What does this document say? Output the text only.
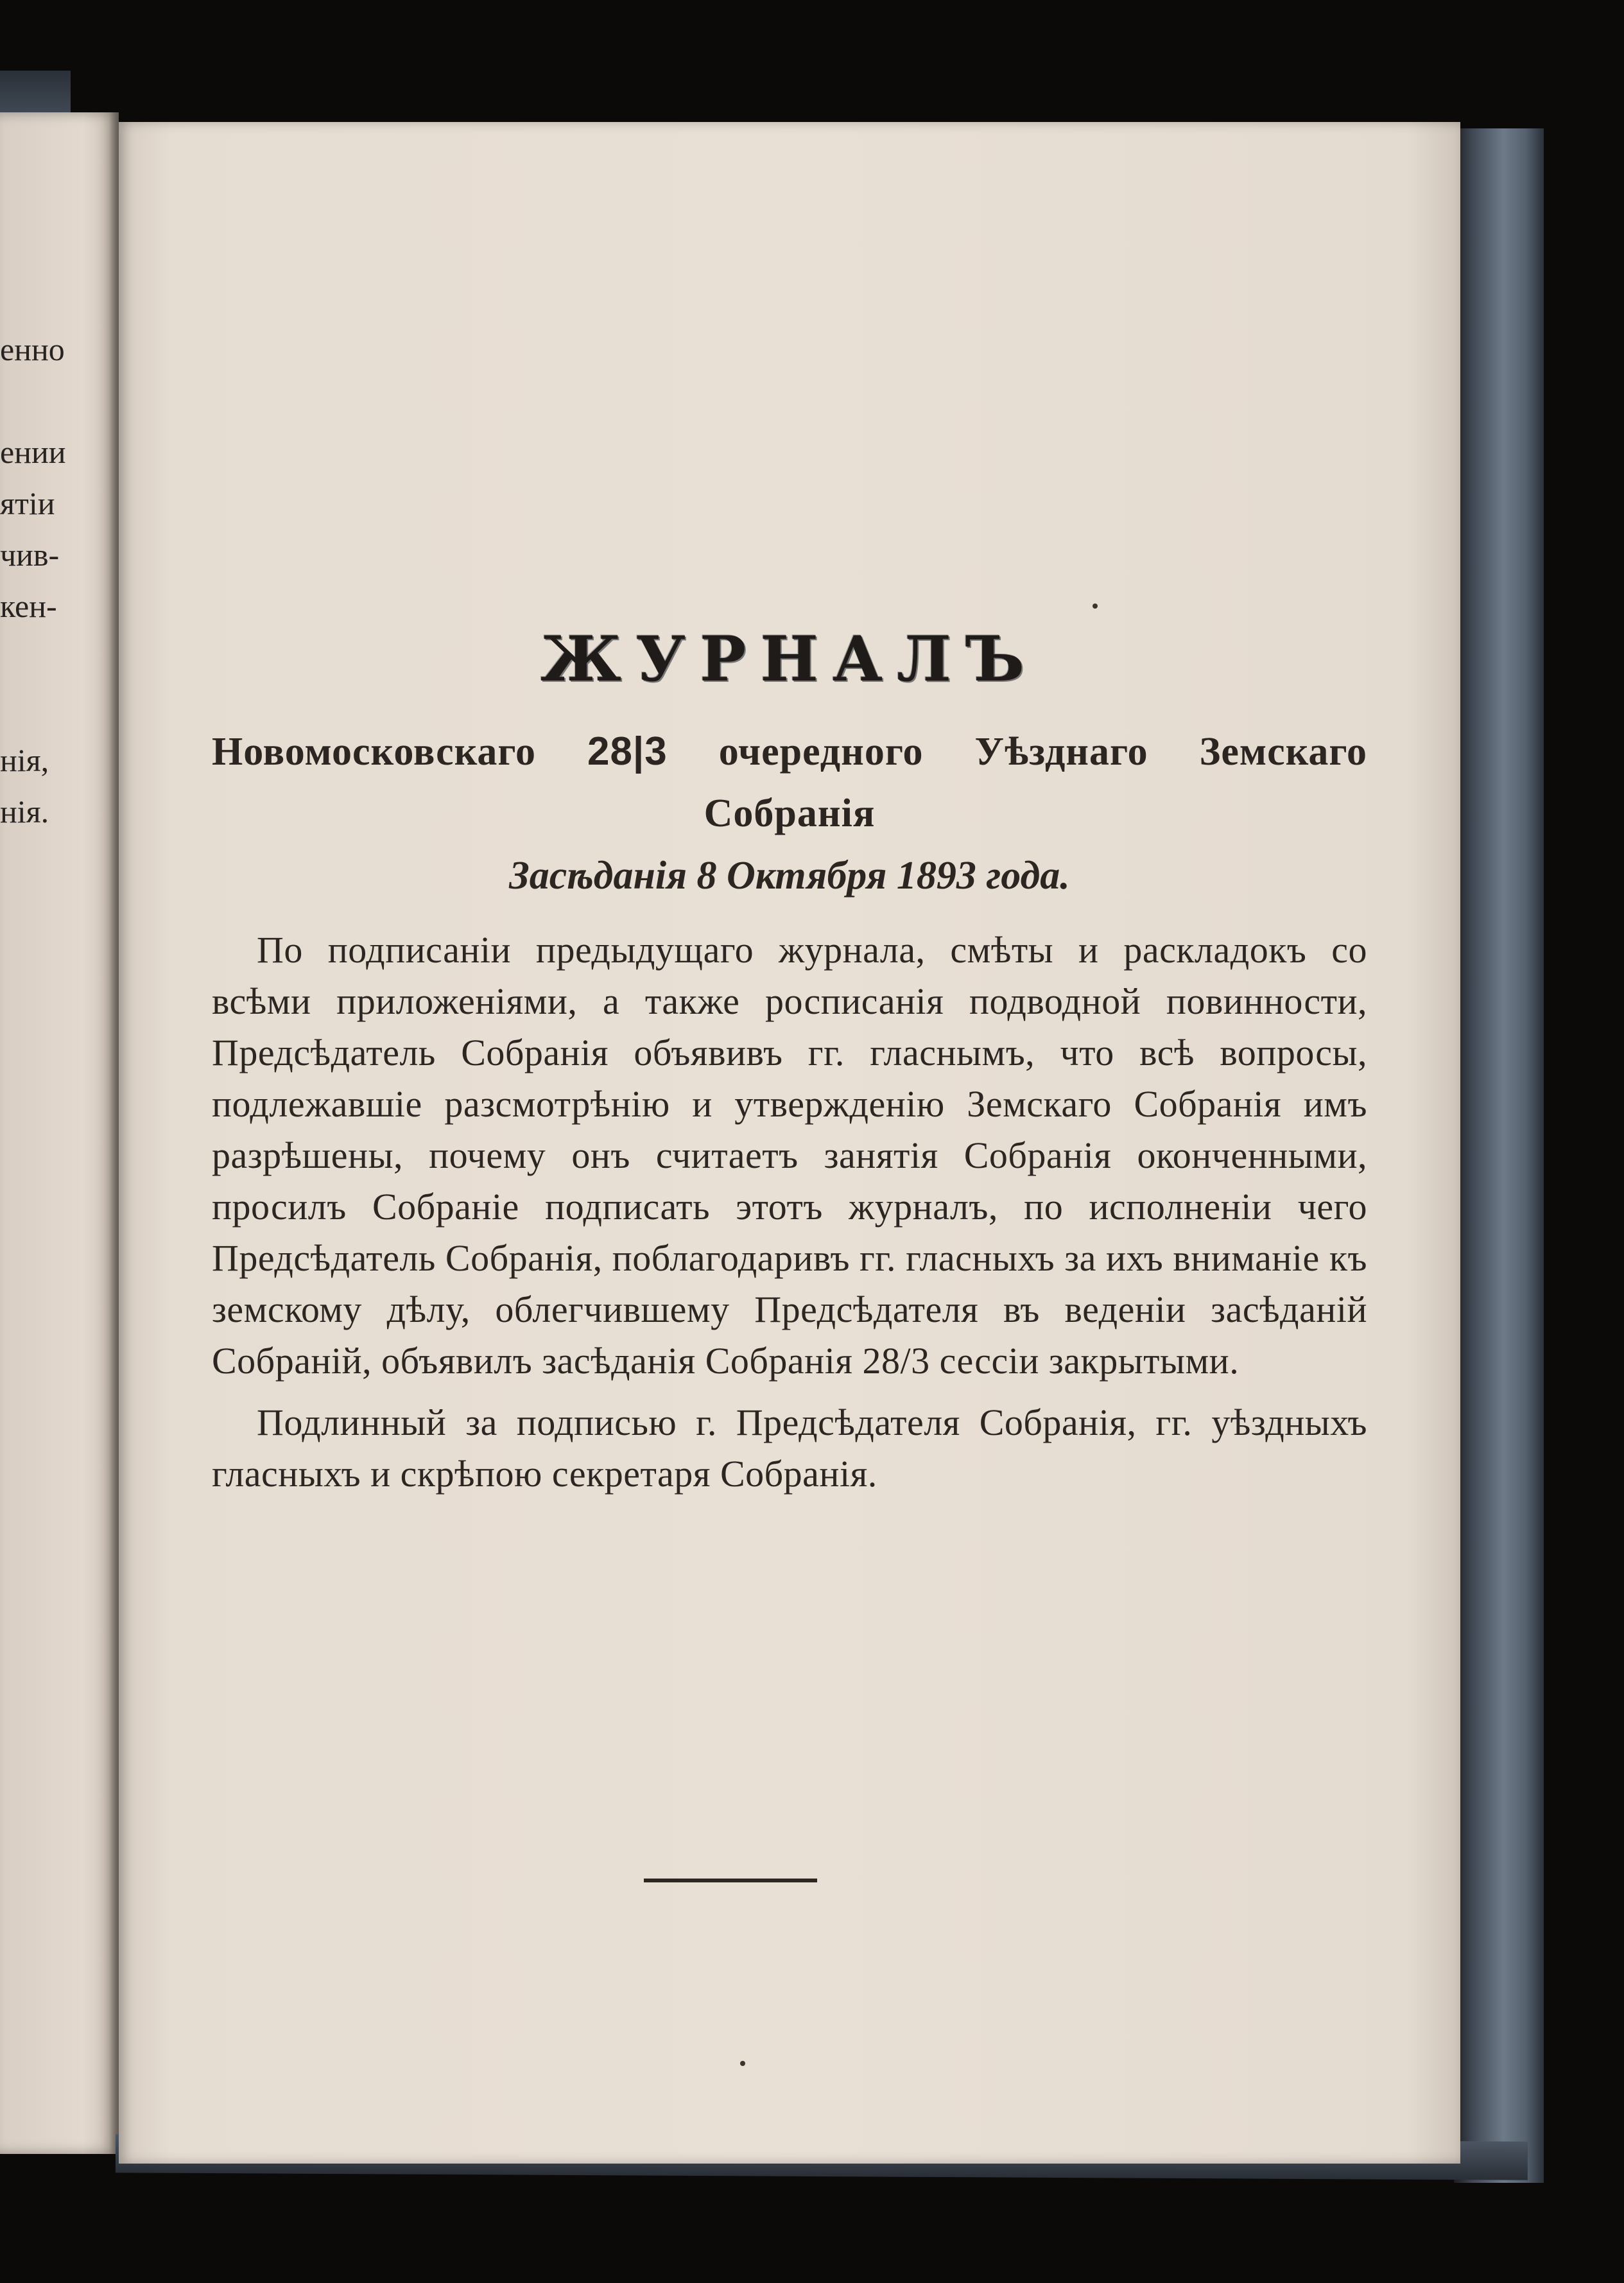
енно
ении
ятіи
чив-
кен-
нія,
нія.
ЖУРНАЛЪ
Новомосковскаго 28|3 очередного Уѣзднаго Земскаго Собранія
Засѣданія 8 Октября 1893 года.

По подписаніи предыдущаго журнала, смѣты и раскладокъ со всѣми приложеніями, а также росписанія подводной повинности, Предсѣдатель Собранія объявивъ гг. гласнымъ, что всѣ вопросы, подлежавшіе разсмотрѣнію и утвержденію Земскаго Собранія имъ разрѣшены, почему онъ считаетъ занятія Собранія оконченными, просилъ Собраніе подписать этотъ журналъ, по исполненіи чего Предсѣдатель Собранія, поблагодаривъ гг. гласныхъ за ихъ вниманіе къ земскому дѣлу, облегчившему Предсѣдателя въ веденіи засѣданій Собраній, объявилъ засѣданія Собранія 28/3 сессіи закрытыми.

Подлинный за подписью г. Предсѣдателя Собранія, гг. уѣздныхъ гласныхъ и скрѣпою секретаря Собранія.
